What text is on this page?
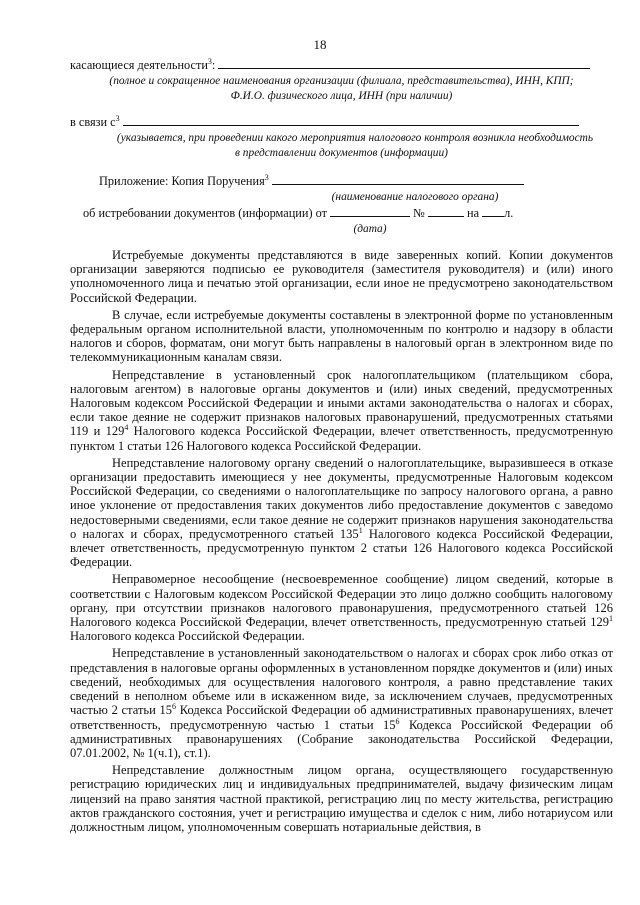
18
касающиеся деятельности$^3$:
(полное и сокращенное наименования организации (филиала, представительства), ИНН, КПП;
Ф.И.О. физического лица, ИНН (при наличии)
в связи $с^3$
(указывается, при проведении какого мероприятия налогового контроля возникла необходимость
в представлении документов (информации)
Приложение: Копия Поручения$^3$
(наименование налогового органа)
об истребовании документов (информации) от	№	на л.
(дата)

Истребуемые документы представляются в виде заверенных копий. Копии документов организации заверяются подписью ее руководителя (заместителя руководителя) и (или) иного уполномоченного лица и печатью этой организации, если иное не предусмотрено законодательством Российской Федерации.

В случае, если истребуемые документы составлены в электронной форме по установленным федеральным органом исполнительной власти, уполномоченным по контролю и надзору в области налогов и сборов, форматам, они могут быть направлены в налоговый орган в электронном виде по телекоммуникационным каналам связи.

Непредставление в установленный срок налогоплательщиком (плательщиком сбора, налоговым агентом) в налоговые органы документов и (или) иных сведений, предусмотренных Налоговым кодексом Российской Федерации и иными актами законодательства о налогах и сборах, если такое деяние не содержит признаков налоговых правонарушений, предусмотренных статьями 119 и $129^4$ Налогового кодекса Российской Федерации, влечет ответственность, предусмотренную пунктом 1 статьи 126 Налогового кодекса Российской Федерации.

Непредставление налоговому органу сведений о налогоплательщике, выразившееся в отказе организации предоставить имеющиеся у нее документы, предусмотренные Налоговым кодексом Российской Федерации, со сведениями о налогоплательщике по запросу налогового органа, а равно иное уклонение от предоставления таких документов либо предоставление документов с заведомо недостоверными сведениями, если такое деяние не содержит признаков нарушения законодательства о налогах и сборах, предусмотренного статьей $135^1$ Налогового кодекса Российской Федерации, влечет ответственность, предусмотренную пунктом 2 статьи 126 Налогового кодекса Российской Федерации.

Неправомерное несообщение (несвоевременное сообщение) лицом сведений, которые в соответствии с Налоговым кодексом Российской Федерации это лицо должно сообщить налоговому органу, при отсутствии признаков налогового правонарушения, предусмотренного статьей 126 Налогового кодекса Российской Федерации, влечет ответственность, предусмотренную статьей $129^1$ Налогового кодекса Российской Федерации.

Непредставление в установленный законодательством о налогах и сборах срок либо отказ от представления в налоговые органы оформленных в установленном порядке документов и (или) иных сведений, необходимых для осуществления налогового контроля, а равно представление таких сведений в неполном объеме или в искаженном виде, за исключением случаев, предусмотренных частью 2 статьи $15^6$ Кодекса Российской Федерации об административных правонарушениях, влечет ответственность, предусмотренную частью 1 статьи $15^6$ Кодекса Российской Федерации об административных правонарушениях (Собрание законодательства Российской Федерации, 07.01.2002, № 1(ч.1), ст.1).

Непредставление должностным лицом органа, осуществляющего государственную регистрацию юридических лиц и индивидуальных предпринимателей, выдачу физическим лицам лицензий на право занятия частной практикой, регистрацию лиц по месту жительства, регистрацию актов гражданского состояния, учет и регистрацию имущества и сделок с ним, либо нотариусом или должностным лицом, уполномоченным совершать нотариальные действия, в
